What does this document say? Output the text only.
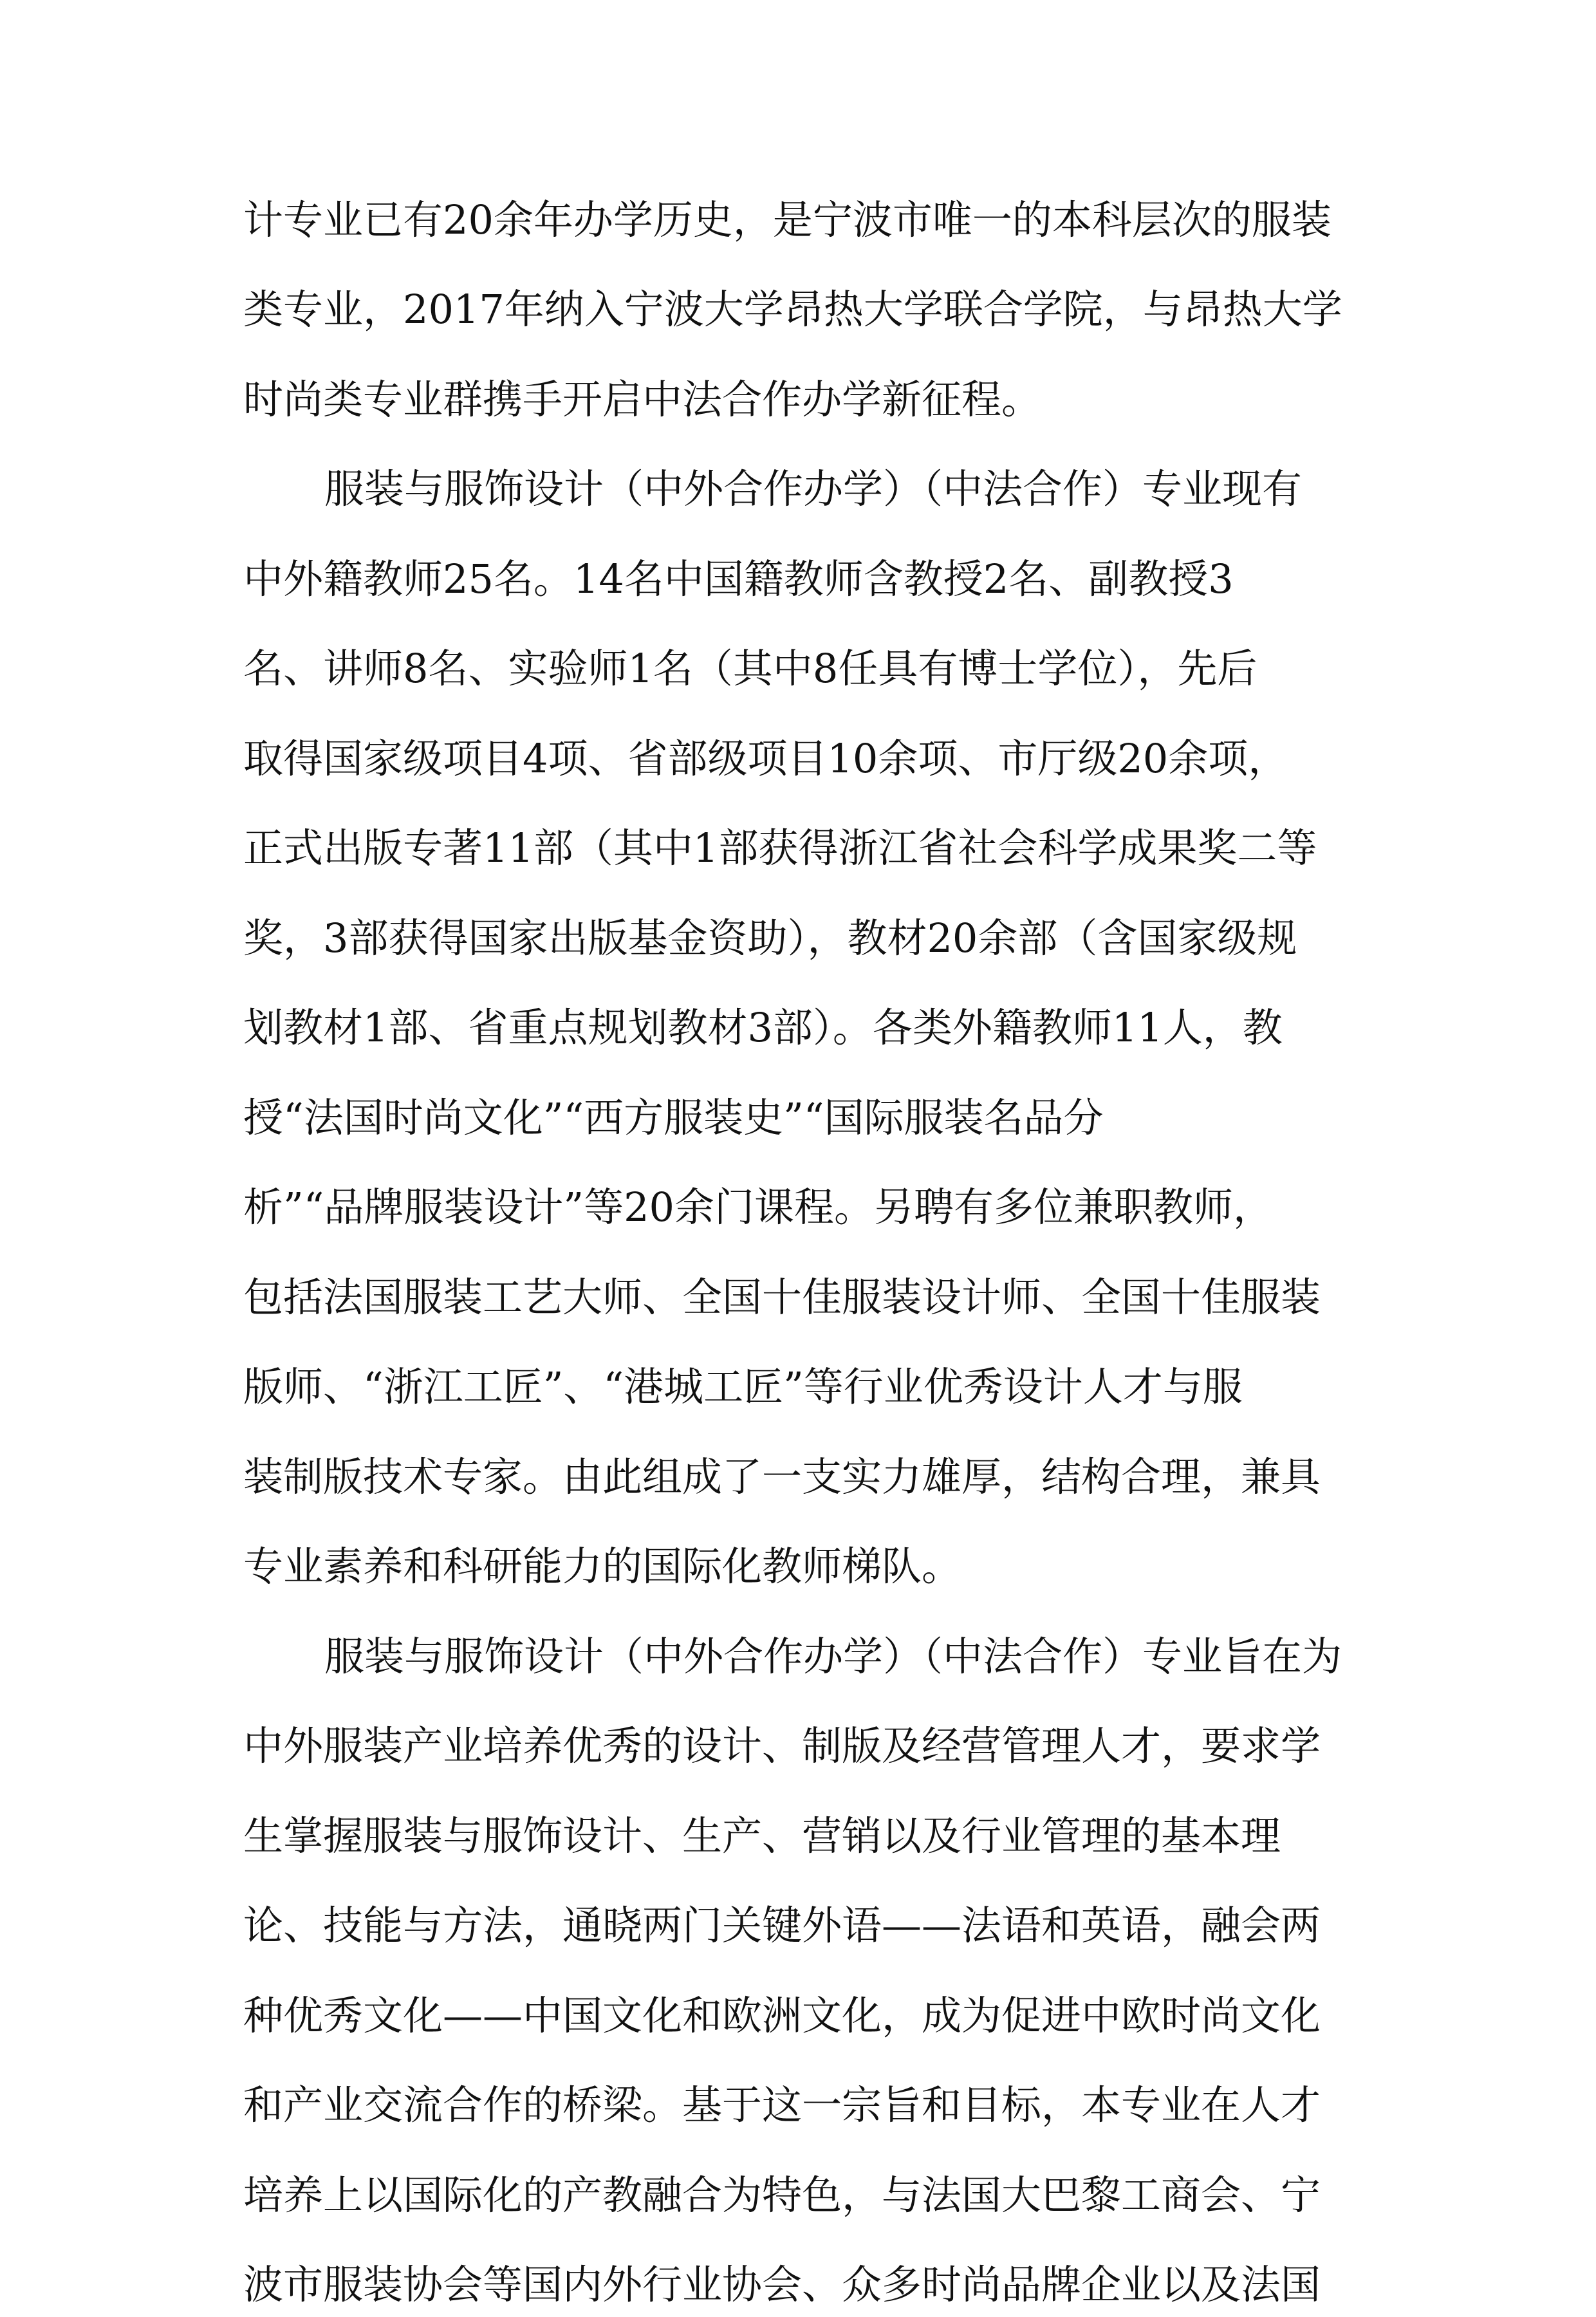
计专业已有20余年办学历史，是宁波市唯一的本科层次的服装
类专业，2017年纳入宁波大学昂热大学联合学院，与昂热大学
时尚类专业群携手开启中法合作办学新征程。
服装与服饰设计（中外合作办学）（中法合作）专业现有
中外籍教师25名。14名中国籍教师含教授2名、副教授3
名、讲师8名、实验师1名（其中8任具有博士学位），先后
取得国家级项目4项、省部级项目10余项、市厅级20余项，
正式出版专著11部（其中1部获得浙江省社会科学成果奖二等
奖，3部获得国家出版基金资助），教材20余部（含国家级规
划教材1部、省重点规划教材3部）。各类外籍教师11人，教
授“法国时尚文化”“西方服装史”“国际服装名品分
析”“品牌服装设计”等20余门课程。另聘有多位兼职教师，
包括法国服装工艺大师、全国十佳服装设计师、全国十佳服装
版师、“浙江工匠”、“港城工匠”等行业优秀设计人才与服
装制版技术专家。由此组成了一支实力雄厚，结构合理，兼具
专业素养和科研能力的国际化教师梯队。
服装与服饰设计（中外合作办学）（中法合作）专业旨在为
中外服装产业培养优秀的设计、制版及经营管理人才，要求学
生掌握服装与服饰设计、生产、营销以及行业管理的基本理
论、技能与方法，通晓两门关键外语——法语和英语，融会两
种优秀文化——中国文化和欧洲文化，成为促进中欧时尚文化
和产业交流合作的桥梁。基于这一宗旨和目标，本专业在人才
培养上以国际化的产教融合为特色，与法国大巴黎工商会、宁
波市服装协会等国内外行业协会、众多时尚品牌企业以及法国
